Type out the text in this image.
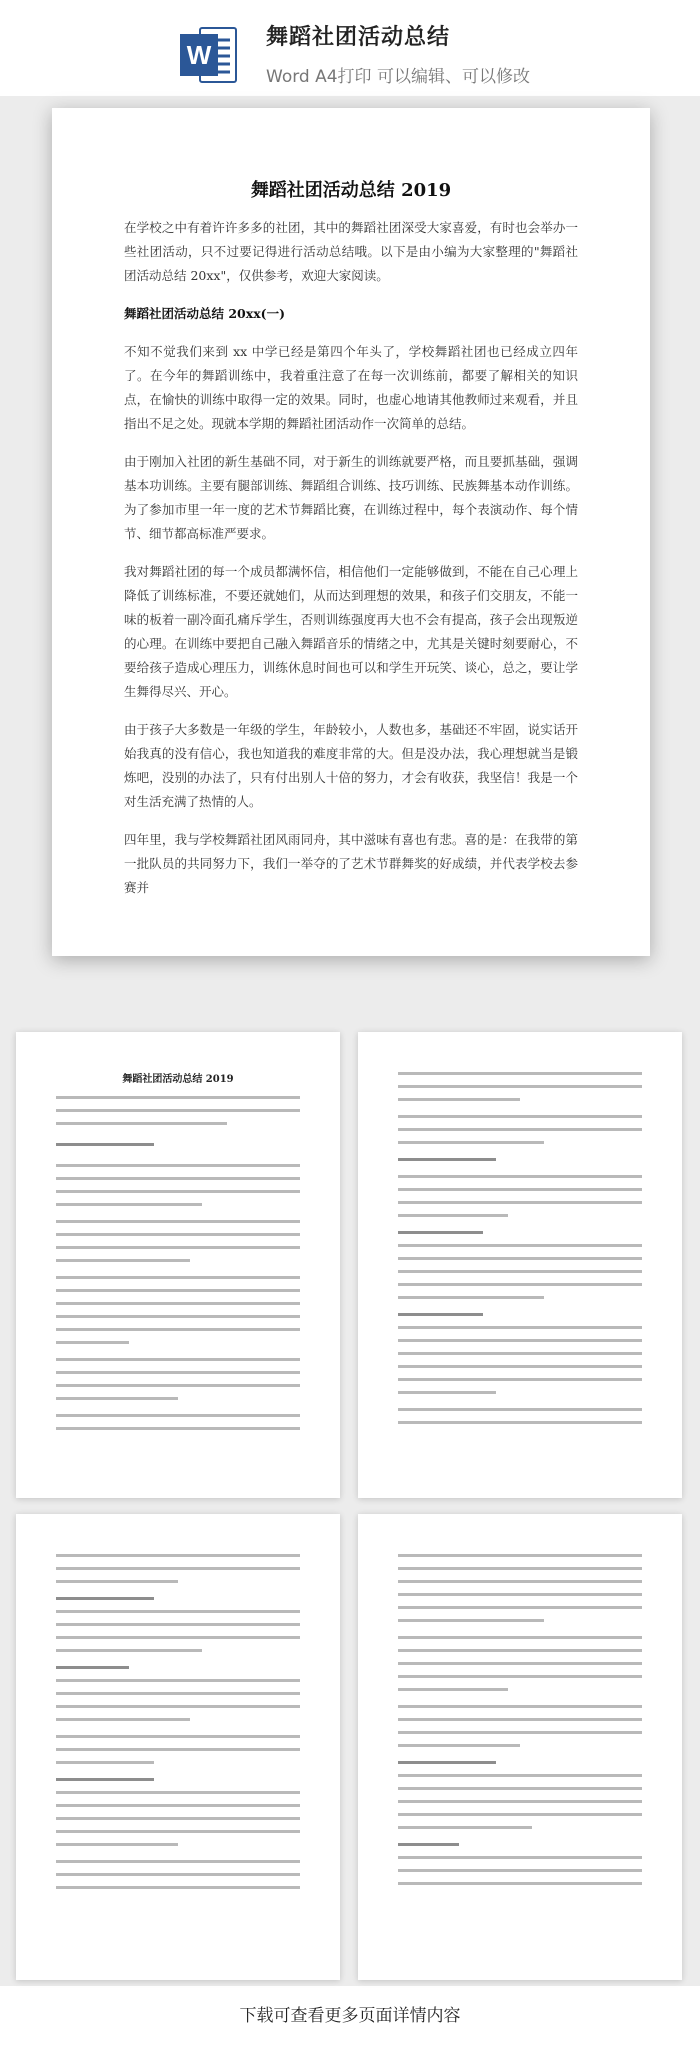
W
舞蹈社团活动总结
Word A4打印 可以编辑、可以修改
舞蹈社团活动总结 2019

在学校之中有着许许多多的社团，其中的舞蹈社团深受大家喜爱，有时也会举办一些社团活动，只不过要记得进行活动总结哦。以下是由小编为大家整理的"舞蹈社团活动总结 20xx"，仅供参考，欢迎大家阅读。

舞蹈社团活动总结 20xx(一)

不知不觉我们来到 xx 中学已经是第四个年头了，学校舞蹈社团也已经成立四年了。在今年的舞蹈训练中，我着重注意了在每一次训练前，都要了解相关的知识点，在愉快的训练中取得一定的效果。同时，也虚心地请其他教师过来观看，并且指出不足之处。现就本学期的舞蹈社团活动作一次简单的总结。

由于刚加入社团的新生基础不同，对于新生的训练就要严格，而且要抓基础，强调基本功训练。主要有腿部训练、舞蹈组合训练、技巧训练、民族舞基本动作训练。为了参加市里一年一度的艺术节舞蹈比赛，在训练过程中，每个表演动作、每个情节、细节都高标准严要求。

我对舞蹈社团的每一个成员都满怀信，相信他们一定能够做到，不能在自己心理上降低了训练标准，不要还就她们，从而达到理想的效果，和孩子们交朋友，不能一味的板着一副冷面孔痛斥学生，否则训练强度再大也不会有提高，孩子会出现叛逆的心理。在训练中要把自己融入舞蹈音乐的情绪之中，尤其是关键时刻要耐心，不要给孩子造成心理压力，训练休息时间也可以和学生开玩笑、谈心，总之，要让学生舞得尽兴、开心。

由于孩子大多数是一年级的学生，年龄较小，人数也多，基础还不牢固，说实话开始我真的没有信心，我也知道我的难度非常的大。但是没办法，我心理想就当是锻炼吧，没别的办法了，只有付出别人十倍的努力，才会有收获，我坚信！我是一个对生活充满了热情的人。

四年里，我与学校舞蹈社团风雨同舟，其中滋味有喜也有悲。喜的是：在我带的第一批队员的共同努力下，我们一举夺的了艺术节群舞奖的好成绩，并代表学校去参赛并

舞蹈社团活动总结 2019
下载可查看更多页面详情内容
